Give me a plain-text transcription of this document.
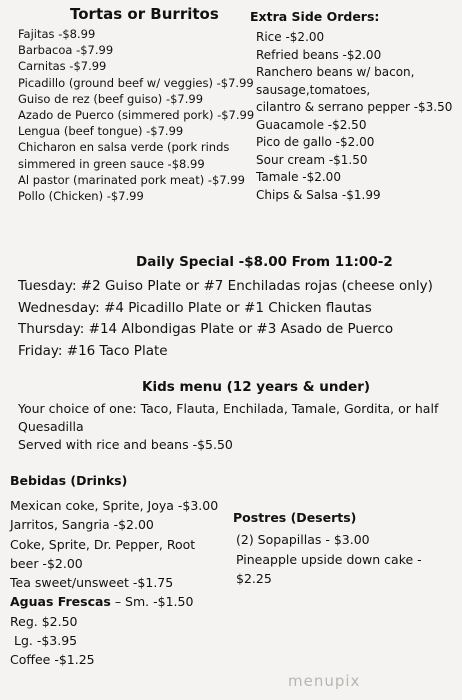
Tortas or Burritos
Fajitas -$8.99
Barbacoa -$7.99
Carnitas -$7.99
Picadillo (ground beef w/ veggies) -$7.99
Guiso de rez (beef guiso) -$7.99
Azado de Puerco (simmered pork) -$7.99
Lengua (beef tongue) -$7.99
Chicharon en salsa verde (pork rinds
simmered in green sauce -$8.99
Al pastor (marinated pork meat) -$7.99
Pollo (Chicken) -$7.99
Extra Side Orders:
Rice -$2.00
Refried beans -$2.00
Ranchero beans w/ bacon,
sausage,tomatoes,
cilantro & serrano pepper -$3.50
Guacamole -$2.50
Pico de gallo -$2.00
Sour cream -$1.50
Tamale -$2.00
Chips & Salsa -$1.99
Daily Special -$8.00 From 11:00-2
Tuesday: #2 Guiso Plate or #7 Enchiladas rojas (cheese only)
Wednesday: #4 Picadillo Plate or #1 Chicken flautas
Thursday: #14 Albondigas Plate or #3 Asado de Puerco
Friday: #16 Taco Plate
Kids menu (12 years & under)
Your choice of one: Taco, Flauta, Enchilada, Tamale, Gordita, or half
Quesadilla
Served with rice and beans -$5.50
Bebidas (Drinks)
Mexican coke, Sprite, Joya -$3.00
Jarritos, Sangria -$2.00
Coke, Sprite, Dr. Pepper, Root
beer -$2.00
Tea sweet/unsweet -$1.75
Aguas Frescas – Sm. -$1.50
Reg. $2.50
Lg. -$3.95
Coffee -$1.25
Postres (Deserts)
(2) Sopapillas - $3.00
Pineapple upside down cake -
$2.25
menupix
